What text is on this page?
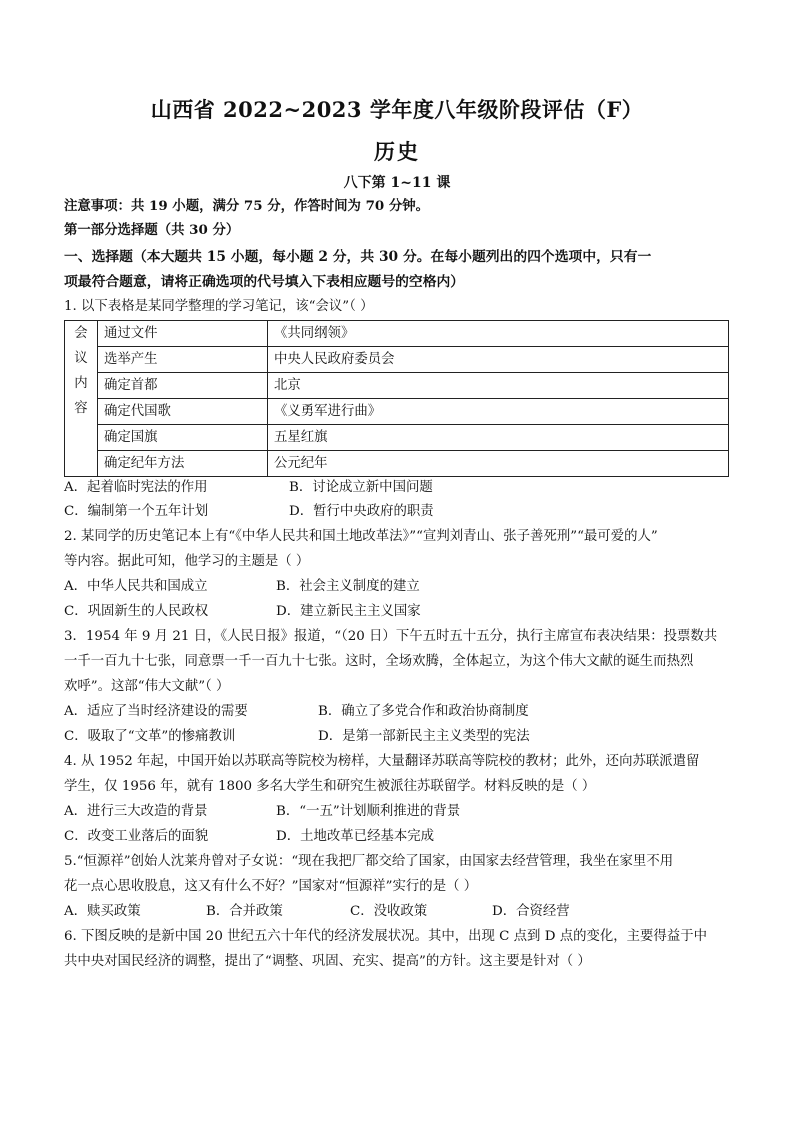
山西省 2022~2023 学年度八年级阶段评估（F）
历史
八下第 1~11 课
注意事项：共 19 小题，满分 75 分，作答时间为 70 分钟。
第一部分选择题（共 30 分）
一、选择题（本大题共 15 小题，每小题 2 分，共 30 分。在每小题列出的四个选项中，只有一
项最符合题意，请将正确选项的代号填入下表相应题号的空格内）
1. 以下表格是某同学整理的学习笔记，该“会议”（ ）
会
议
内
容	通过文件	《共同纲领》
	选举产生	中央人民政府委员会
	确定首都	北京
	确定代国歌	《义勇军进行曲》
	确定国旗	五星红旗
	确定纪年方法	公元纪年
A．起着临时宪法的作用	B．讨论成立新中国问题
C．编制第一个五年计划	D．暂行中央政府的职责
2. 某同学的历史笔记本上有“《中华人民共和国土地改革法》”“宣判刘青山、张子善死刑”“最可爱的人”
等内容。据此可知，他学习的主题是（ ）
A．中华人民共和国成立	B．社会主义制度的建立
C．巩固新生的人民政权	D．建立新民主主义国家
3．1954 年 9 月 21 日，《人民日报》报道，“（20 日）下午五时五十五分，执行主席宣布表决结果：投票数共
一千一百九十七张，同意票一千一百九十七张。这时，全场欢腾，全体起立，为这个伟大文献的诞生而热烈
欢呼”。这部“伟大文献”（ ）
A．适应了当时经济建设的需要	B．确立了多党合作和政治协商制度
C．吸取了“文革”的惨痛教训	D．是第一部新民主主义类型的宪法
4. 从 1952 年起，中国开始以苏联高等院校为榜样，大量翻译苏联高等院校的教材；此外，还向苏联派遣留
学生，仅 1956 年，就有 1800 多名大学生和研究生被派往苏联留学。材料反映的是（ ）
A．进行三大改造的背景	B．“一五”计划顺利推进的背景
C．改变工业落后的面貌	D．土地改革已经基本完成
5.“恒源祥”创始人沈莱舟曾对子女说：“现在我把厂都交给了国家，由国家去经营管理，我坐在家里不用
花一点心思收股息，这又有什么不好？”国家对“恒源祥”实行的是（ ）
A．赎买政策	B．合并政策	C．没收政策	D．合资经营
6. 下图反映的是新中国 20 世纪五六十年代的经济发展状况。其中，出现 C 点到 D 点的变化，主要得益于中
共中央对国民经济的调整，提出了“调整、巩固、充实、提高”的方针。这主要是针对（ ）
